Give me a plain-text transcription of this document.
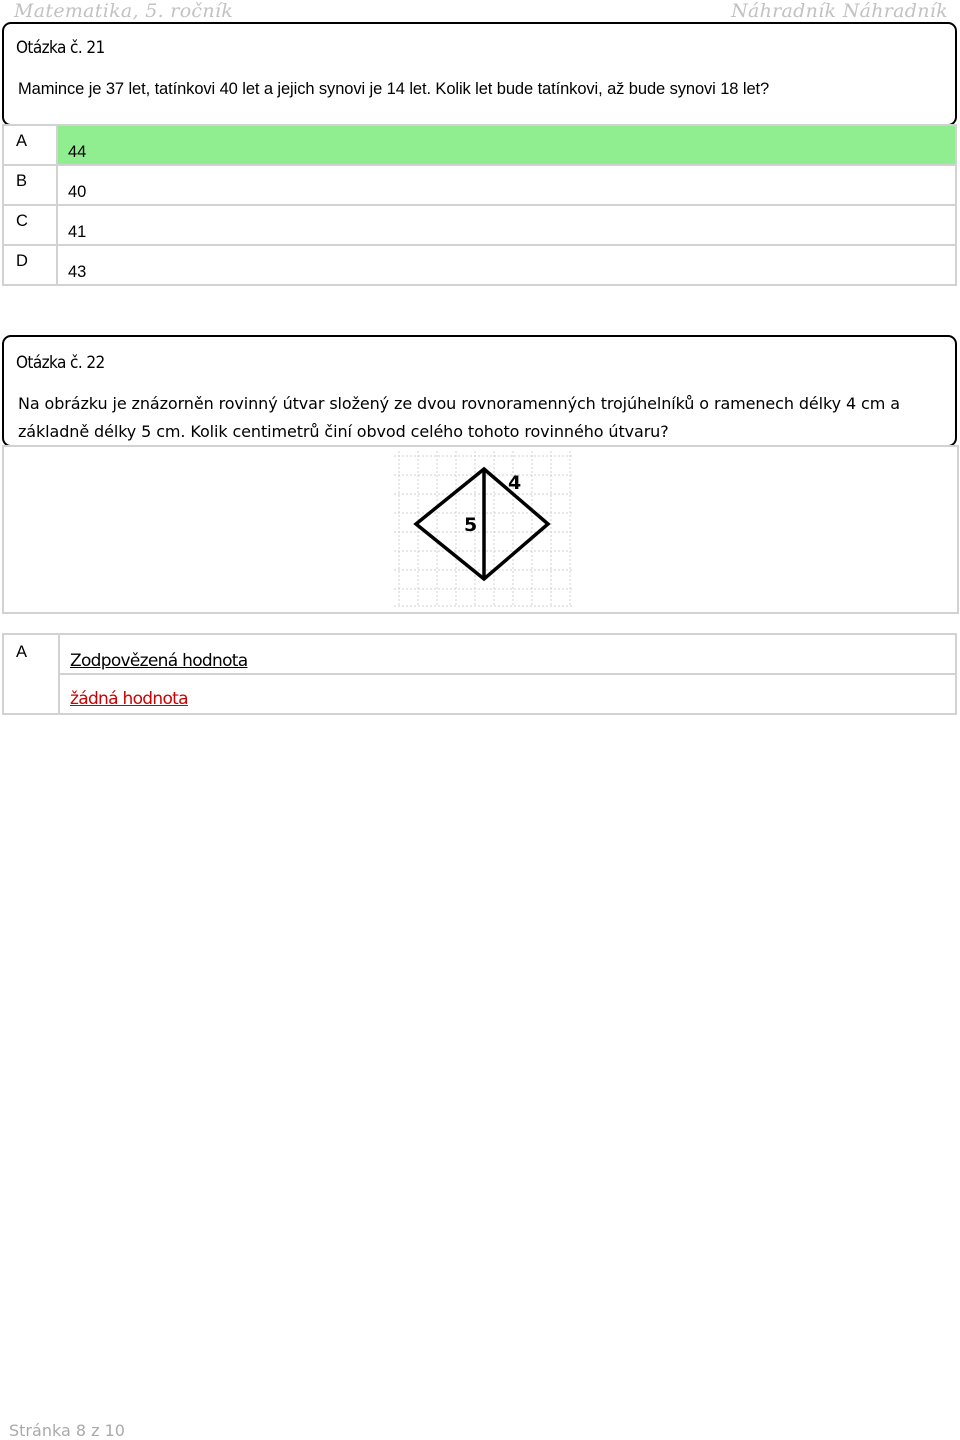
Matematika, 5. ročník	Náhradník Náhradník
Otázka č. 21
Mamince je 37 let, tatínkovi 40 let a jejich synovi je 14 let. Kolik let bude tatínkovi, až bude synovi 18 let?
A	44
B	40
C	41
D	43
Otázka č. 22
Na obrázku je znázorněn rovinný útvar složený ze dvou rovnoramenných trojúhelníků o ramenech délky 4 cm a
základně délky 5 cm. Kolik centimetrů činí obvod celého tohoto rovinného útvaru?
4
5
A	Zodpovězená hodnota
žádná hodnota
Stránka 8 z 10
